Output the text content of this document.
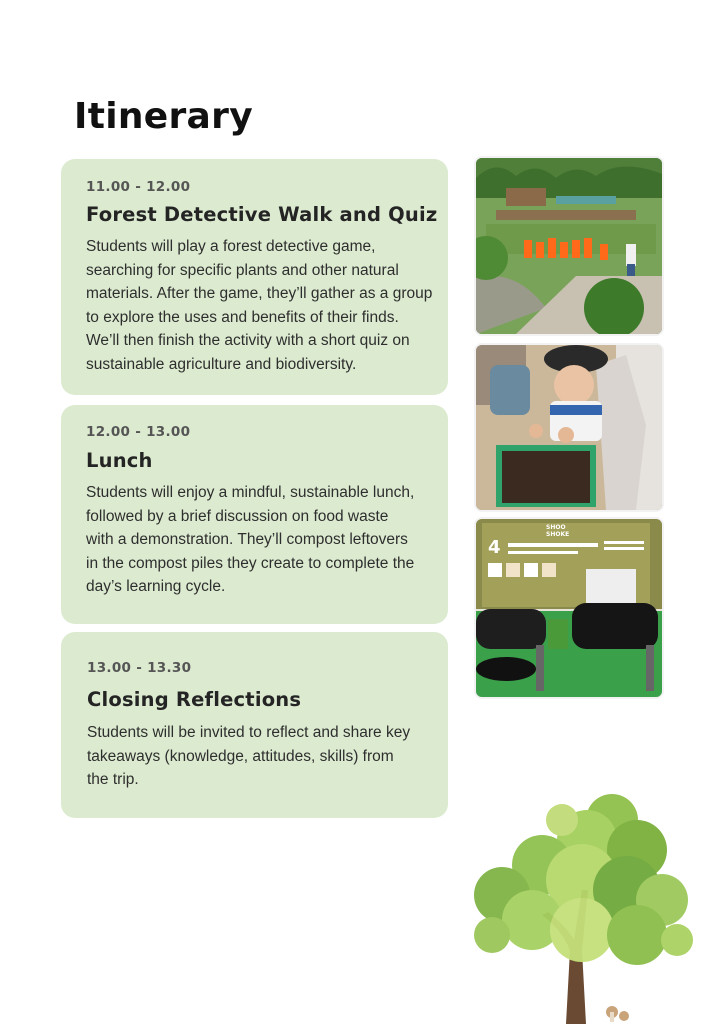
Itinerary
11.00 - 12.00
Forest Detective Walk and Quiz
Students will play a forest detective game, searching for specific plants and other natural materials. After the game, they’ll gather as a group to explore the uses and benefits of their finds. We’ll then finish the activity with a short quiz on sustainable agriculture and biodiversity.
12.00 - 13.00
Lunch
Students will enjoy a mindful, sustainable lunch, followed by a brief discussion on food waste with a demonstration. They’ll compost leftovers in the compost piles they create to complete the day’s learning cycle.
13.00 - 13.30
Closing Reflections
Students will be invited to reflect and share key takeaways (knowledge, attitudes, skills) from the trip.
4
SHOO
SHOKE
